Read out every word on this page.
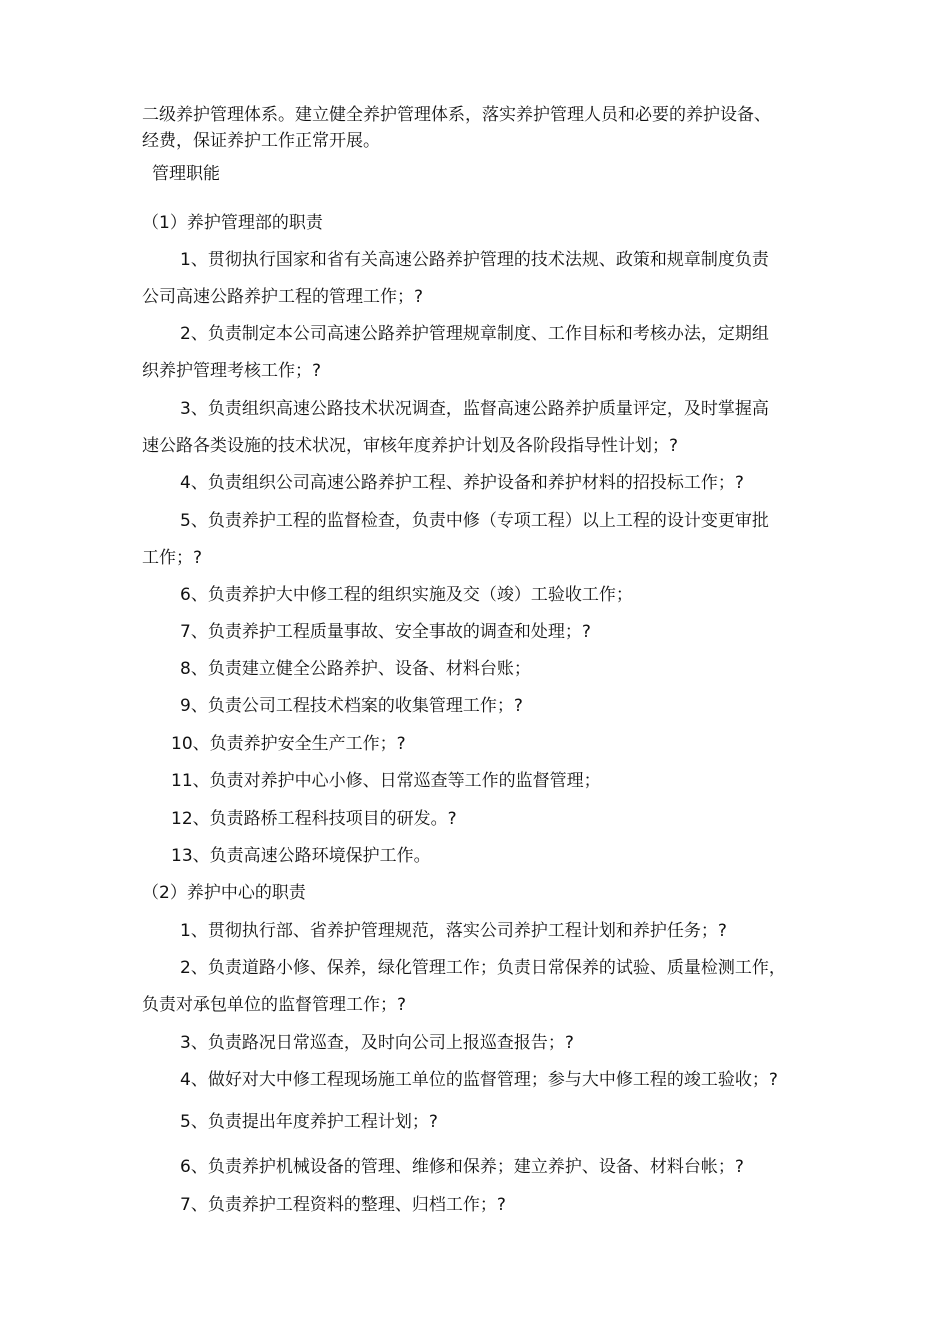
二级养护管理体系。建立健全养护管理体系，落实养护管理人员和必要的养护设备、
经费，保证养护工作正常开展。
管理职能
（1）养护管理部的职责
1、贯彻执行国家和省有关高速公路养护管理的技术法规、政策和规章制度负责
公司高速公路养护工程的管理工作；?
2、负责制定本公司高速公路养护管理规章制度、工作目标和考核办法，定期组
织养护管理考核工作；?
3、负责组织高速公路技术状况调查，监督高速公路养护质量评定，及时掌握高
速公路各类设施的技术状况，审核年度养护计划及各阶段指导性计划；?
4、负责组织公司高速公路养护工程、养护设备和养护材料的招投标工作；?
5、负责养护工程的监督检查，负责中修（专项工程）以上工程的设计变更审批
工作；?
6、负责养护大中修工程的组织实施及交（竣）工验收工作；
7、负责养护工程质量事故、安全事故的调查和处理；?
8、负责建立健全公路养护、设备、材料台账；
9、负责公司工程技术档案的收集管理工作；?
10、负责养护安全生产工作；?
11、负责对养护中心小修、日常巡查等工作的监督管理；
12、负责路桥工程科技项目的研发。?
13、负责高速公路环境保护工作。
（2）养护中心的职责
1、贯彻执行部、省养护管理规范，落实公司养护工程计划和养护任务；?
2、负责道路小修、保养，绿化管理工作；负责日常保养的试验、质量检测工作，
负责对承包单位的监督管理工作；?
3、负责路况日常巡查，及时向公司上报巡查报告；?
4、做好对大中修工程现场施工单位的监督管理；参与大中修工程的竣工验收；?
5、负责提出年度养护工程计划；?
6、负责养护机械设备的管理、维修和保养；建立养护、设备、材料台帐；?
7、负责养护工程资料的整理、归档工作；?
